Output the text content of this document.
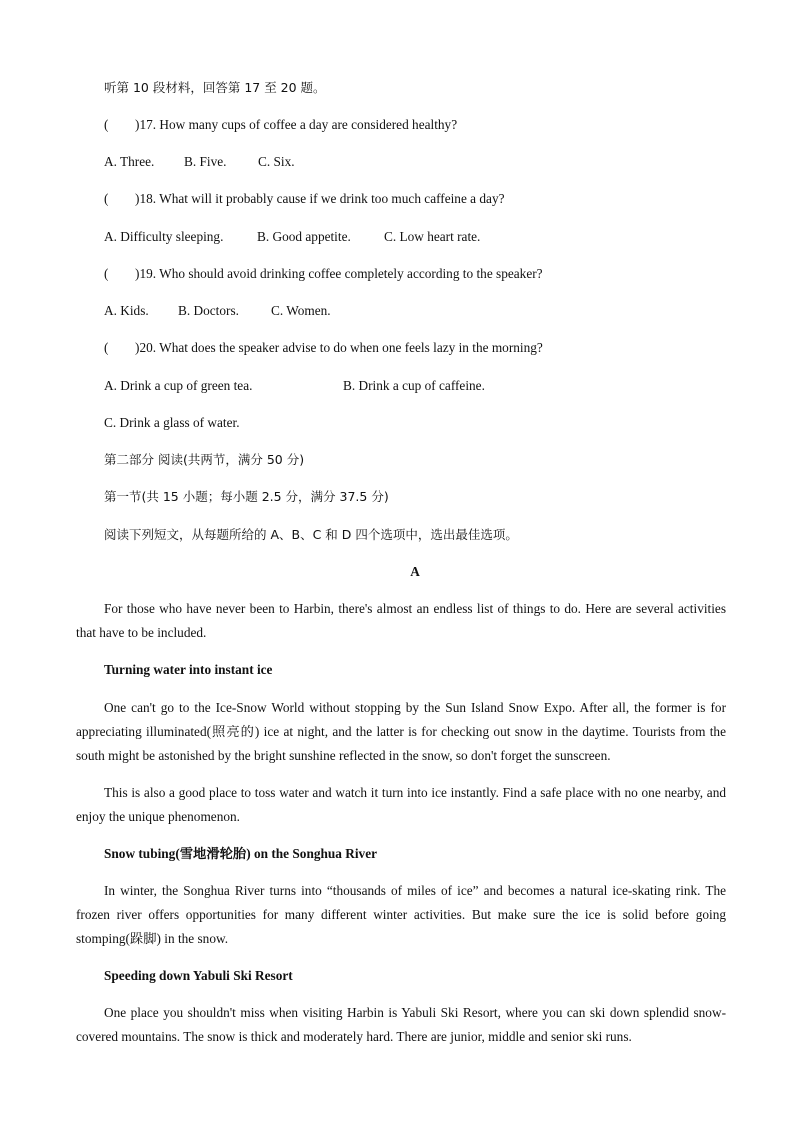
听第 10 段材料，回答第 17 至 20 题。
(        )17. How many cups of coffee a day are considered healthy?
A. Three. B. Five. C. Six.
(        )18. What will it probably cause if we drink too much caffeine a day?
A. Difficulty sleeping.	B. Good appetite. C. Low heart rate.
(        )19. Who should avoid drinking coffee completely according to the speaker?
A. Kids. B. Doctors. C. Women.
(        )20. What does the speaker advise to do when one feels lazy in the morning?
A. Drink a cup of green tea.	B. Drink a cup of caffeine.
C. Drink a glass of water.
第二部分 阅读(共两节，满分 50 分)
第一节(共 15 小题；每小题 2.5 分，满分 37.5 分)
阅读下列短文，从每题所给的 A、B、C 和 D 四个选项中，选出最佳选项。
A
For those who have never been to Harbin, there's almost an endless list of things to do. Here are several activities that have to be included.
Turning water into instant ice
One can't go to the Ice-Snow World without stopping by the Sun Island Snow Expo. After all, the former is for appreciating illuminated(照亮的) ice at night, and the latter is for checking out snow in the daytime. Tourists from the south might be astonished by the bright sunshine reflected in the snow, so don't forget the sunscreen.
This is also a good place to toss water and watch it turn into ice instantly. Find a safe place with no one nearby, and enjoy the unique phenomenon.
Snow tubing(雪地滑轮胎) on the Songhua River
In winter, the Songhua River turns into “thousands of miles of ice” and becomes a natural ice-skating rink. The frozen river offers opportunities for many different winter activities. But make sure the ice is solid before going stomping(跺脚) in the snow.
Speeding down Yabuli Ski Resort
One place you shouldn't miss when visiting Harbin is Yabuli Ski Resort, where you can ski down splendid snow-covered mountains. The snow is thick and moderately hard. There are junior, middle and senior ski runs.
